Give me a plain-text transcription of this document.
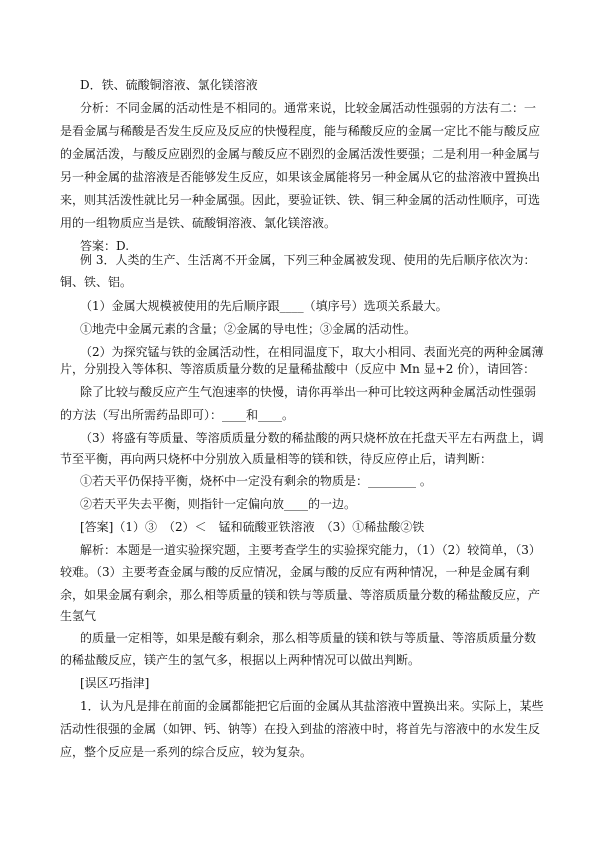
D．铁、硫酸铜溶液、氯化镁溶液

分析：不同金属的活动性是不相同的。通常来说，比较金属活动性强弱的方法有二：一

是看金属与稀酸是否发生反应及反应的快慢程度，能与稀酸反应的金属一定比不能与酸反应

的金属活泼，与酸反应剧烈的金属与酸反应不剧烈的金属活泼性要强；二是利用一种金属与

另一种金属的盐溶液是否能够发生反应，如果该金属能将另一种金属从它的盐溶液中置换出

来，则其活泼性就比另一种金属强。因此，要验证铁、铁、铜三种金属的活动性顺序，可选

用的一组物质应当是铁、硫酸铜溶液、氯化镁溶液。

答案：D.

例 3．人类的生产、生活离不开金属，下列三种金属被发现、使用的先后顺序依次为：

铜、铁、铝。

（1）金属大规模被使用的先后顺序跟____（填序号）选项关系最大。

①地壳中金属元素的含量；②金属的导电性；③金属的活动性。

（2）为探究锰与铁的金属活动性，在相同温度下，取大小相同、表面光亮的两种金属薄

片，分别投入等体积、等溶质质量分数的足量稀盐酸中（反应中 Mn 显+2 价），请回答：

除了比较与酸反应产生气泡速率的快慢，请你再举出一种可比较这两种金属活动性强弱

的方法（写出所需药品即可）：____和____。

（3）将盛有等质量、等溶质质量分数的稀盐酸的两只烧杯放在托盘天平左右两盘上，调

节至平衡，再向两只烧杯中分别放入质量相等的镁和铁，待反应停止后，请判断：

①若天平仍保持平衡，烧杯中一定没有剩余的物质是：________ 。

②若天平失去平衡，则指针一定偏向放____的一边。

[答案]（1）③　（2）＜　锰和硫酸亚铁溶液　（3）①稀盐酸②铁

解析：本题是一道实验探究题，主要考查学生的实验探究能力，（1）（2）较简单，（3）

较难。（3）主要考查金属与酸的反应情况，金属与酸的反应有两种情况，一种是金属有剩

余，如果金属有剩余，那么相等质量的镁和铁与等质量、等溶质质量分数的稀盐酸反应，产

生氢气

的质量一定相等，如果是酸有剩余，那么相等质量的镁和铁与等质量、等溶质质量分数

的稀盐酸反应，镁产生的氢气多，根据以上两种情况可以做出判断。

[误区巧指津]

1．认为凡是排在前面的金属都能把它后面的金属从其盐溶液中置换出来。实际上，某些

活动性很强的金属（如钾、钙、钠等）在投入到盐的溶液中时，将首先与溶液中的水发生反

应，整个反应是一系列的综合反应，较为复杂。
